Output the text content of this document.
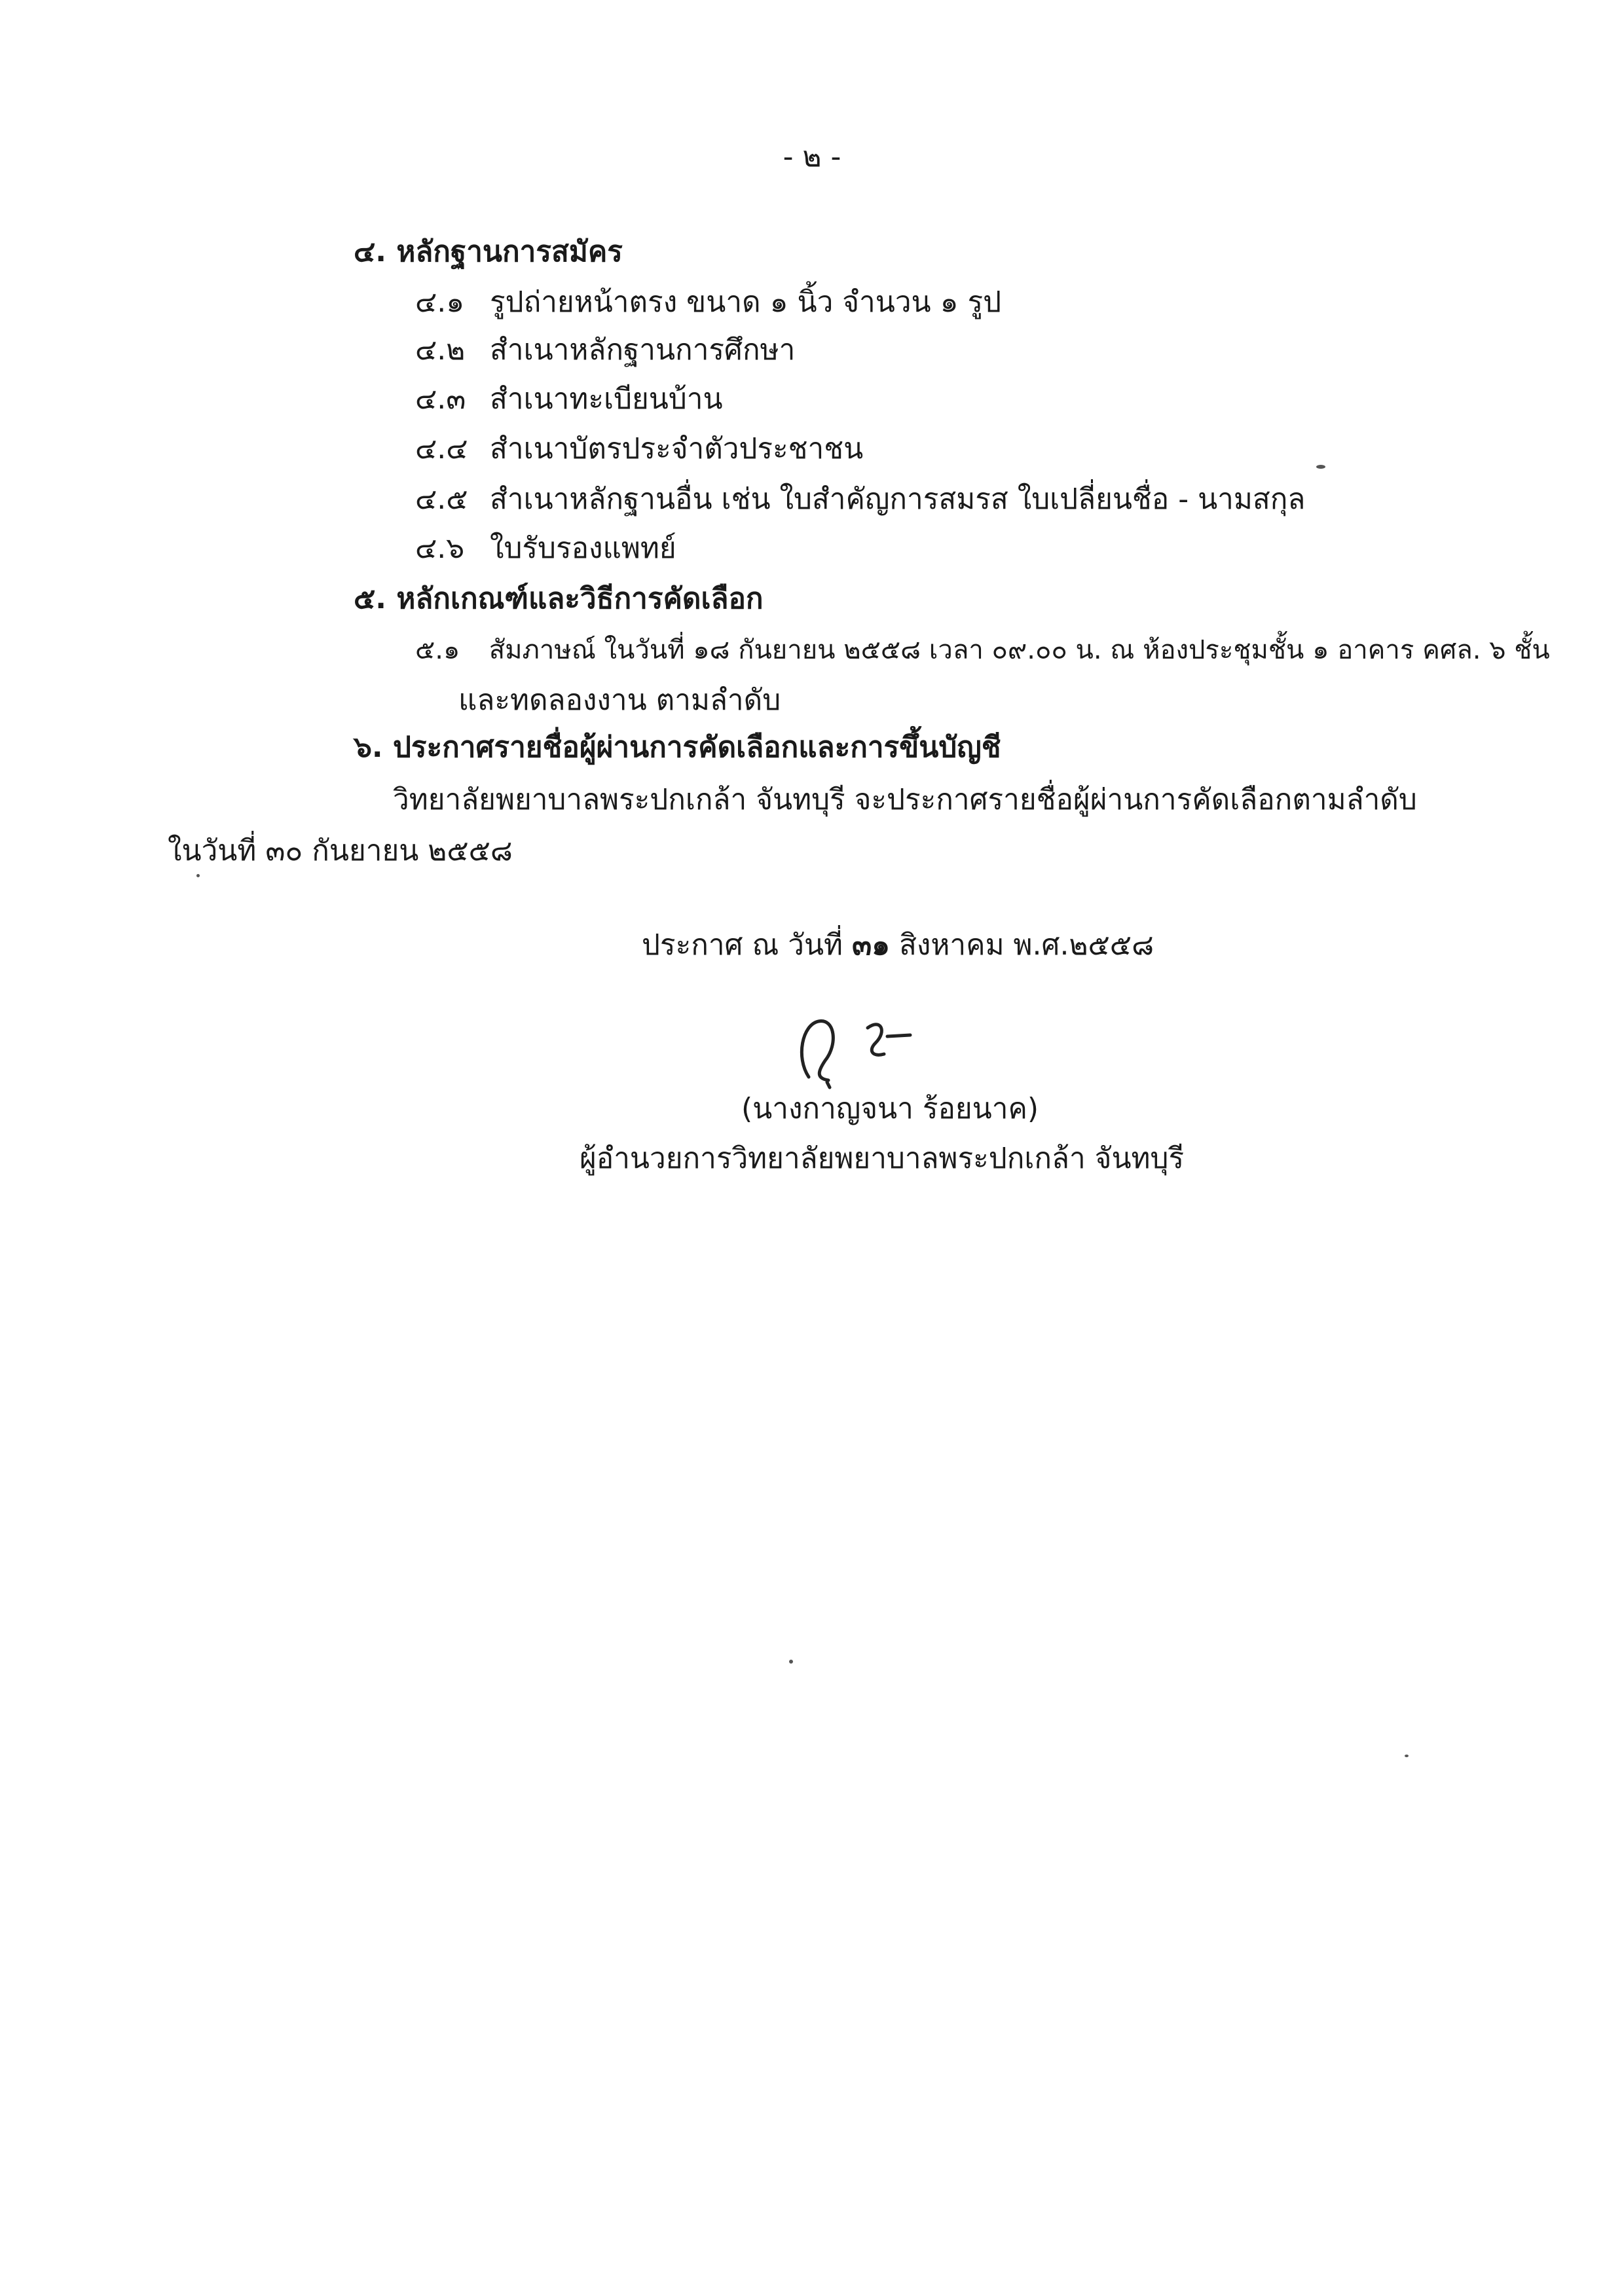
- ๒ -
๔. หลักฐานการสมัคร
๔.๑ รูปถ่ายหน้าตรง ขนาด ๑ นิ้ว จำนวน ๑ รูป
๔.๒ สำเนาหลักฐานการศึกษา
๔.๓ สำเนาทะเบียนบ้าน
๔.๔ สำเนาบัตรประจำตัวประชาชน
๔.๕ สำเนาหลักฐานอื่น เช่น ใบสำคัญการสมรส ใบเปลี่ยนชื่อ - นามสกุล
๔.๖ ใบรับรองแพทย์
๕. หลักเกณฑ์และวิธีการคัดเลือก
๕.๑ สัมภาษณ์ ในวันที่ ๑๘ กันยายน ๒๕๕๘ เวลา ๐๙.๐๐ น. ณ ห้องประชุมชั้น ๑ อาคาร คศล. ๖ ชั้น
และทดลองงาน ตามลำดับ
๖. ประกาศรายชื่อผู้ผ่านการคัดเลือกและการขึ้นบัญชี
วิทยาลัยพยาบาลพระปกเกล้า จันทบุรี จะประกาศรายชื่อผู้ผ่านการคัดเลือกตามลำดับ
ในวันที่ ๓๐ กันยายน ๒๕๕๘
ประกาศ ณ วันที่ ๓๑ สิงหาคม พ.ศ.๒๕๕๘
(นางกาญจนา ร้อยนาค)
ผู้อำนวยการวิทยาลัยพยาบาลพระปกเกล้า จันทบุรี
